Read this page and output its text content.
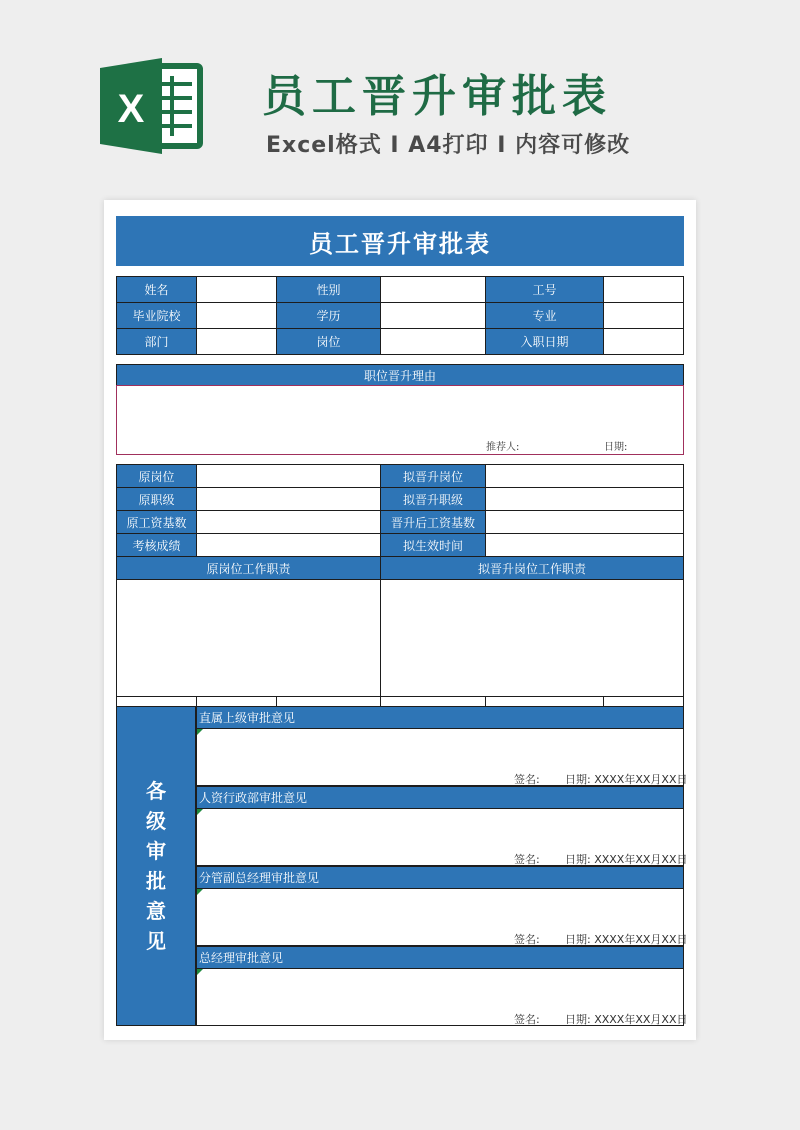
X	员工晋升审批表
Excel格式 I A4打印 I 内容可修改
员工晋升审批表
姓名	性别	工号
毕业院校	学历	专业
部门	岗位	入职日期
职位晋升理由
推荐人:	日期:
原岗位	拟晋升岗位
原职级	拟晋升职级
原工资基数	晋升后工资基数
考核成绩	拟生效时间
原岗位工作职责	拟晋升岗位工作职责
各
级
审
批
意
见
直属上级审批意见
签名: 日期: XXXX年XX月XX日
人资行政部审批意见
签名: 日期: XXXX年XX月XX日
分管副总经理审批意见
签名: 日期: XXXX年XX月XX日
总经理审批意见
签名: 日期: XXXX年XX月XX日
